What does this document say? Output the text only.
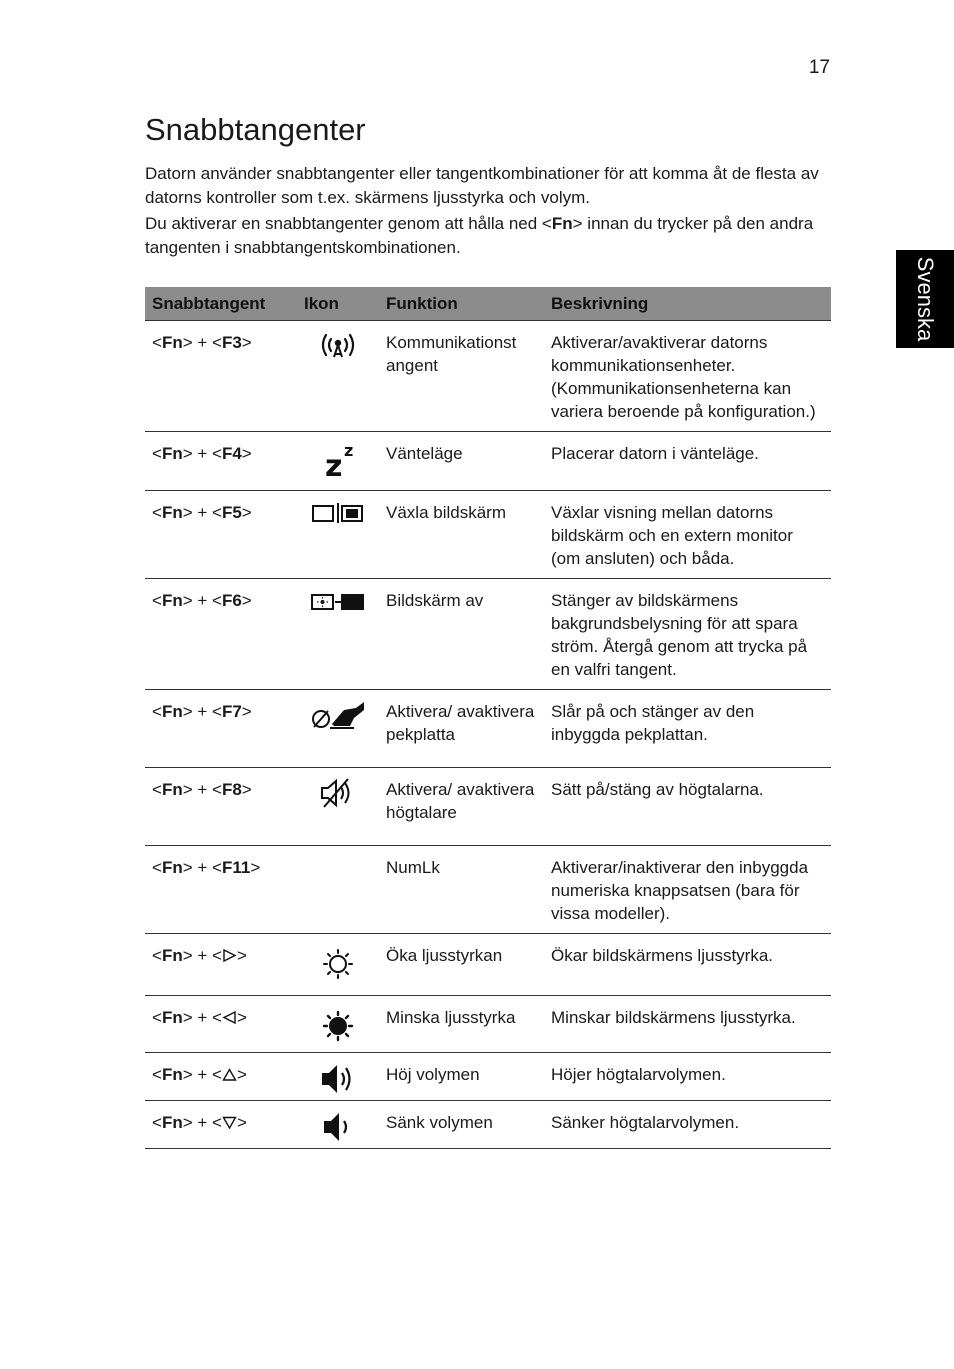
17
Svenska
Snabbtangenter

Datorn använder snabbtangenter eller tangentkombinationer för att komma åt de flesta av datorns kontroller som t.ex. skärmens ljusstyrka och volym.

Du aktiverar en snabbtangenter genom att hålla ned <Fn> innan du trycker på den andra tangenten i snabbtangentskombinationen.

Snabbtangent	Ikon	Funktion	Beskrivning
<Fn> + <F3>		Kommunikationst angent	Aktiverar/avaktiverar datorns kommunikationsenheter. (Kommunikationsenheterna kan variera beroende på konfiguration.)
<Fn> + <F4>	z z	Vänteläge	Placerar datorn i vänteläge.
<Fn> + <F5>		Växla bildskärm	Växlar visning mellan datorns bildskärm och en extern monitor (om ansluten) och båda.
<Fn> + <F6>		Bildskärm av	Stänger av bildskärmens bakgrundsbelysning för att spara ström. Återgå genom att trycka på en valfri tangent.
<Fn> + <F7>		Aktivera/ avaktivera pekplatta	Slår på och stänger av den inbyggda pekplattan.
<Fn> + <F8>		Aktivera/ avaktivera högtalare	Sätt på/stäng av högtalarna.
<Fn> + <F11>		NumLk	Aktiverar/inaktiverar den inbyggda numeriska knappsatsen (bara för vissa modeller).
<Fn> + < >		Öka ljusstyrkan	Ökar bildskärmens ljusstyrka.
<Fn> + < >		Minska ljusstyrka	Minskar bildskärmens ljusstyrka.
<Fn> + < >		Höj volymen	Höjer högtalarvolymen.
<Fn> + < >		Sänk volymen	Sänker högtalarvolymen.
